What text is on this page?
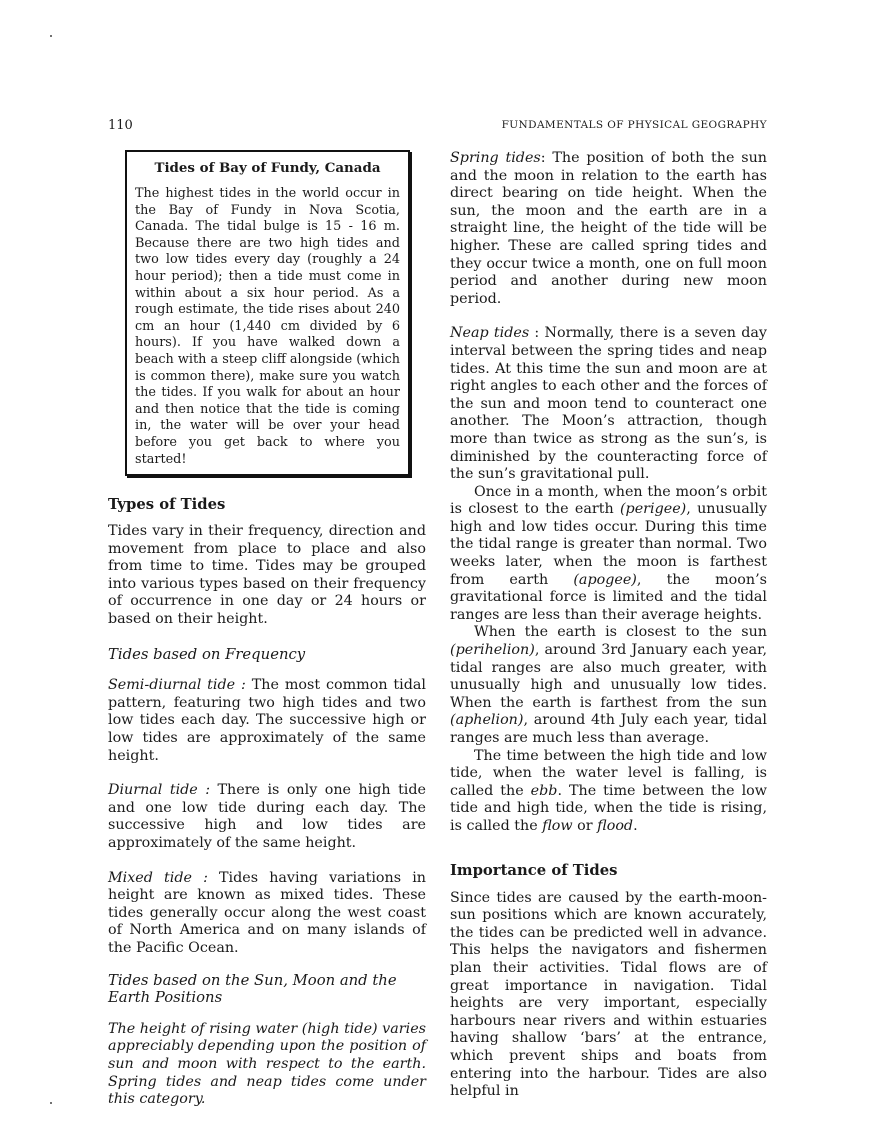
110	FUNDAMENTALS OF PHYSICAL GEOGRAPHY
Tides of Bay of Fundy, Canada
The highest tides in the world occur in the Bay of Fundy in Nova Scotia, Canada. The tidal bulge is 15 - 16 m. Because there are two high tides and two low tides every day (roughly a 24 hour period); then a tide must come in within about a six hour period. As a rough estimate, the tide rises about 240 cm an hour (1,440 cm divided by 6 hours). If you have walked down a beach with a steep cliff alongside (which is common there), make sure you watch the tides. If you walk for about an hour and then notice that the tide is coming in, the water will be over your head before you get back to where you started!
Types of Tides

Tides vary in their frequency, direction and movement from place to place and also from time to time. Tides may be grouped into various types based on their frequency of occurrence in one day or 24 hours or based on their height.

Tides based on Frequency

Semi-diurnal tide : The most common tidal pattern, featuring two high tides and two low tides each day. The successive high or low tides are approximately of the same height.

Diurnal tide : There is only one high tide and one low tide during each day. The successive high and low tides are approximately of the same height.

Mixed tide : Tides having variations in height are known as mixed tides. These tides generally occur along the west coast of North America and on many islands of the Pacific Ocean.

Tides based on the Sun, Moon and the Earth Positions

The height of rising water (high tide) varies appreciably depending upon the position of sun and moon with respect to the earth. Spring tides and neap tides come under this category.

Spring tides: The position of both the sun and the moon in relation to the earth has direct bearing on tide height. When the sun, the moon and the earth are in a straight line, the height of the tide will be higher. These are called spring tides and they occur twice a month, one on full moon period and another during new moon period.

Neap tides : Normally, there is a seven day interval between the spring tides and neap tides. At this time the sun and moon are at right angles to each other and the forces of the sun and moon tend to counteract one another. The Moon’s attraction, though more than twice as strong as the sun’s, is diminished by the counteracting force of the sun’s gravitational pull.

Once in a month, when the moon’s orbit is closest to the earth (perigee), unusually high and low tides occur. During this time the tidal range is greater than normal. Two weeks later, when the moon is farthest from earth (apogee), the moon’s gravitational force is limited and the tidal ranges are less than their average heights.

When the earth is closest to the sun (perihelion), around 3rd January each year, tidal ranges are also much greater, with unusually high and unusually low tides. When the earth is farthest from the sun (aphelion), around 4th July each year, tidal ranges are much less than average.

The time between the high tide and low tide, when the water level is falling, is called the ebb. The time between the low tide and high tide, when the tide is rising, is called the flow or flood.

Importance of Tides

Since tides are caused by the earth-moon-sun positions which are known accurately, the tides can be predicted well in advance. This helps the navigators and fishermen plan their activities. Tidal flows are of great importance in navigation. Tidal heights are very important, especially harbours near rivers and within estuaries having shallow ‘bars’ at the entrance, which prevent ships and boats from entering into the harbour. Tides are also helpful in
